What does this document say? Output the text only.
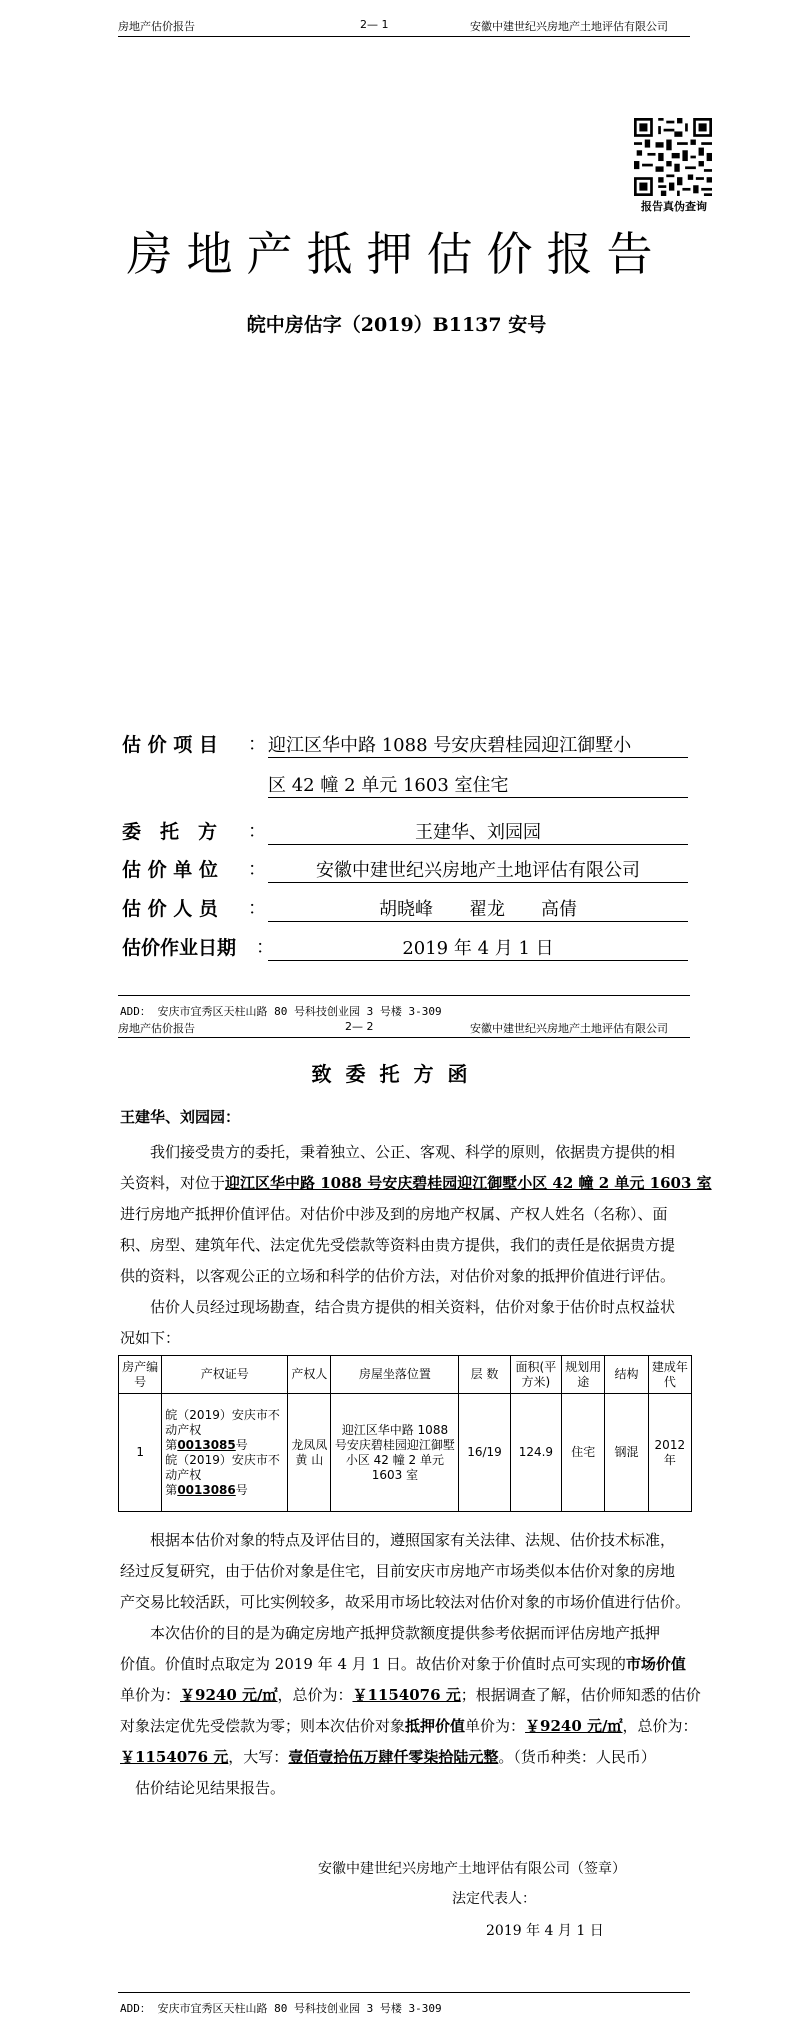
房地产估价报告	2— 1	安徽中建世纪兴房地产土地评估有限公司
报告真伪查询
房地产抵押估价报告
皖中房估字（2019）B1137 安号
估 价 项 目 ： 迎江区华中路 1088 号安庆碧桂园迎江御墅小
区 42 幢 2 单元 1603 室住宅
委　托　方 ：	王建华、刘园园
估 价 单 位 ：	安徽中建世纪兴房地产土地评估有限公司
估 价 人 员 ：	胡晓峰　　翟龙　　高倩
估价作业日期 ：	2019 年 4 月 1 日
ADD： 安庆市宜秀区天柱山路 80 号科技创业园 3 号楼 3-309
房地产估价报告	2— 2	安徽中建世纪兴房地产土地评估有限公司
致委托方函
王建华、刘园园：
我们接受贵方的委托，秉着独立、公正、客观、科学的原则，依据贵方提供的相
关资料，对位于迎江区华中路 1088 号安庆碧桂园迎江御墅小区 42 幢 2 单元 1603 室
进行房地产抵押价值评估。对估价中涉及到的房地产权属、产权人姓名（名称）、面
积、房型、建筑年代、法定优先受偿款等资料由贵方提供，我们的责任是依据贵方提
供的资料，以客观公正的立场和科学的估价方法，对估价对象的抵押价值进行评估。
估价人员经过现场勘查，结合贵方提供的相关资料，估价对象于估价时点权益状
况如下：
房产编号	产权证号	产权人	房屋坐落位置	层 数	面积(平方米)	规划用途	结构	建成年代
1	皖（2019）安庆市不动产权
第0013085号
皖（2019）安庆市不动产权
第0013086号	龙凤凤黄 山	迎江区华中路 1088 号安庆碧桂园迎江御墅小区 42 幢 2 单元 1603 室	16/19	124.9	住宅	钢混	2012年
根据本估价对象的特点及评估目的，遵照国家有关法律、法规、估价技术标准，
经过反复研究，由于估价对象是住宅，目前安庆市房地产市场类似本估价对象的房地
产交易比较活跃，可比实例较多，故采用市场比较法对估价对象的市场价值进行估价。
本次估价的目的是为确定房地产抵押贷款额度提供参考依据而评估房地产抵押
价值。价值时点取定为 2019 年 4 月 1 日。故估价对象于价值时点可实现的市场价值
单价为：￥9240 元/㎡，总价为：￥1154076 元；根据调查了解，估价师知悉的估价
对象法定优先受偿款为零；则本次估价对象抵押价值单价为：￥9240 元/㎡，总价为：
￥1154076 元，大写：壹佰壹拾伍万肆仟零柒拾陆元整。（货币种类：人民币）
估价结论见结果报告。
安徽中建世纪兴房地产土地评估有限公司（签章）
法定代表人：
2019 年 4 月 1 日
ADD： 安庆市宜秀区天柱山路 80 号科技创业园 3 号楼 3-309
